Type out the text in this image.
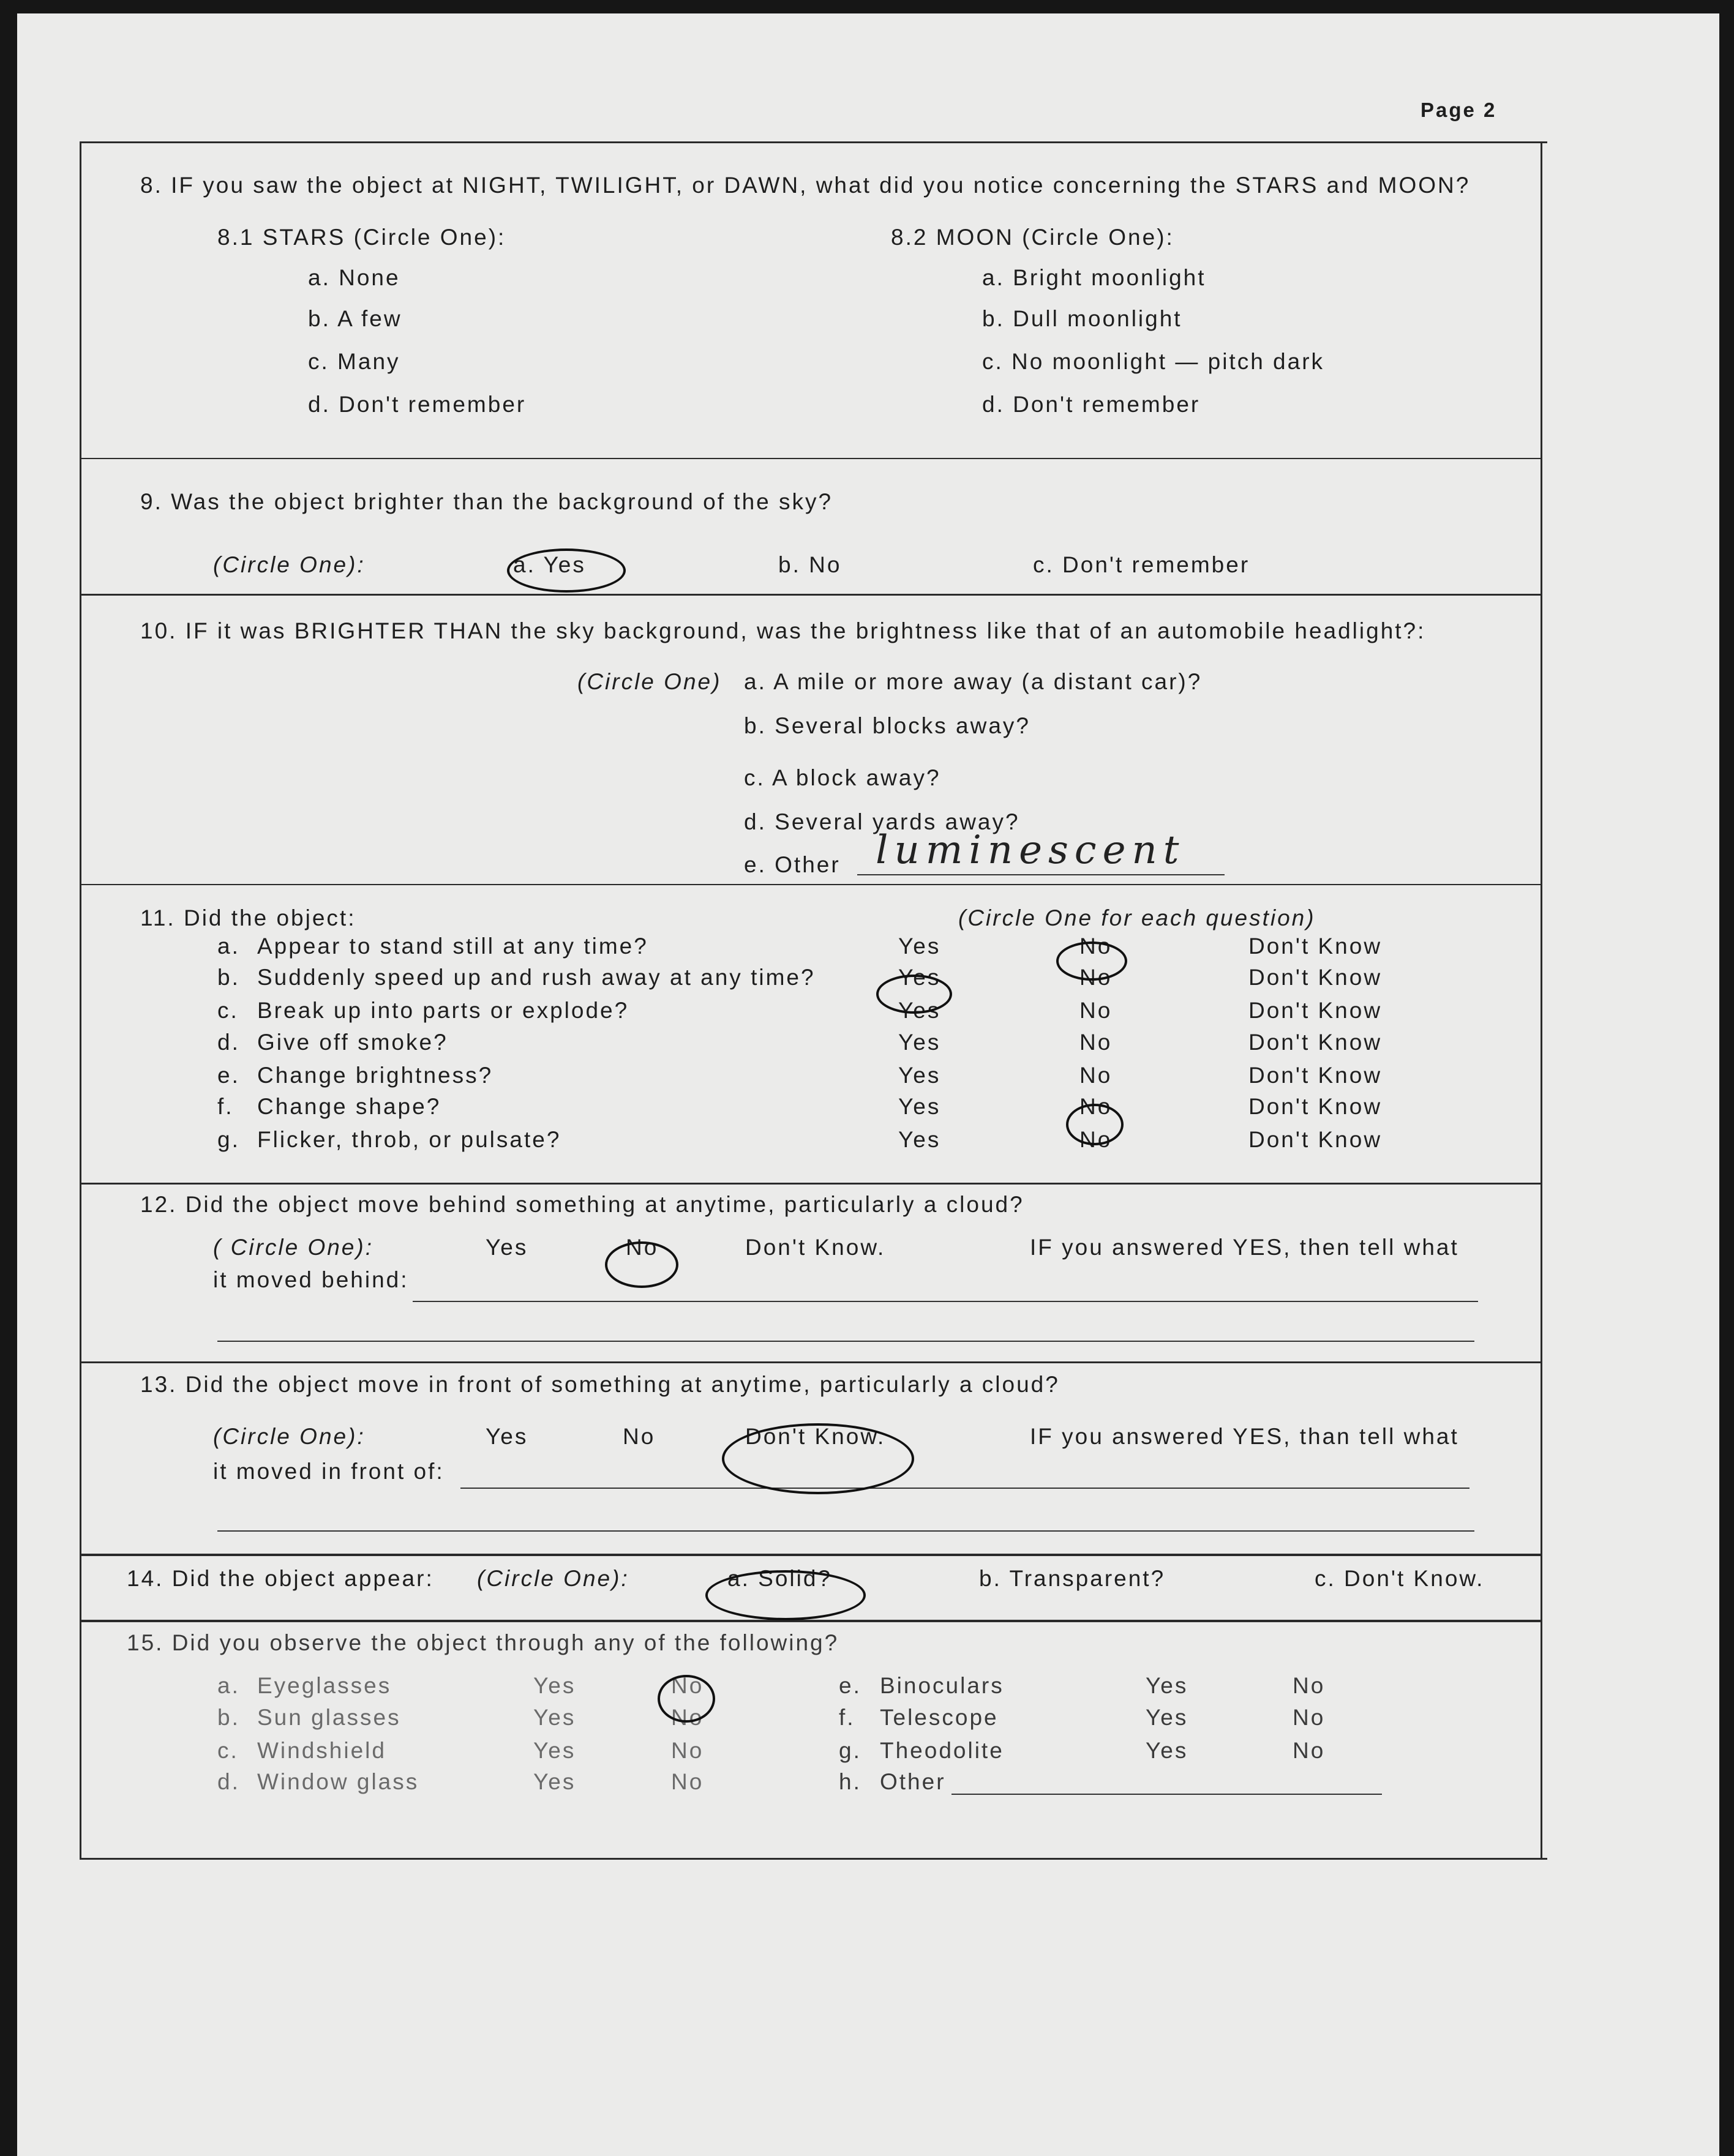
Page 2
8. IF you saw the object at NIGHT, TWILIGHT, or DAWN, what did you notice concerning the STARS and MOON?
8.1 STARS (Circle One):	8.2 MOON (Circle One):
a. None
b. A few
c. Many
d. Don't remember
a. Bright moonlight
b. Dull moonlight
c. No moonlight — pitch dark
d. Don't remember
9. Was the object brighter than the background of the sky?
(Circle One):	a. Yes	b. No	c. Don't remember
10. IF it was BRIGHTER THAN the sky background, was the brightness like that of an automobile headlight?:
(Circle One) a. A mile or more away (a distant car)?
b. Several blocks away?
c. A block away?
d. Several yards away?
e. Other luminescent
11. Did the object:	(Circle One for each question)
a. Appear to stand still at any time?	Yes	No	Don't Know
b. Suddenly speed up and rush away at any time?	Yes	No	Don't Know
c. Break up into parts or explode?	Yes	No	Don't Know
d. Give off smoke?	Yes	No	Don't Know
e. Change brightness?	Yes	No	Don't Know
f. Change shape?	Yes	No	Don't Know
g. Flicker, throb, or pulsate?	Yes	No	Don't Know
12. Did the object move behind something at anytime, particularly a cloud?
( Circle One):	Yes	No	Don't Know.	IF you answered YES, then tell what
it moved behind:
13. Did the object move in front of something at anytime, particularly a cloud?
(Circle One):	Yes	No	Don't Know.	IF you answered YES, than tell what
it moved in front of:
14. Did the object appear: (Circle One):	a. Solid?	b. Transparent?	c. Don't Know.
15. Did you observe the object through any of the following?
a. Eyeglasses	Yes	No	e. Binoculars	Yes	No
b. Sun glasses	Yes	No	f. Telescope	Yes	No
c. Windshield	Yes	No	g. Theodolite	Yes	No
d. Window glass	Yes	No	h. Other
